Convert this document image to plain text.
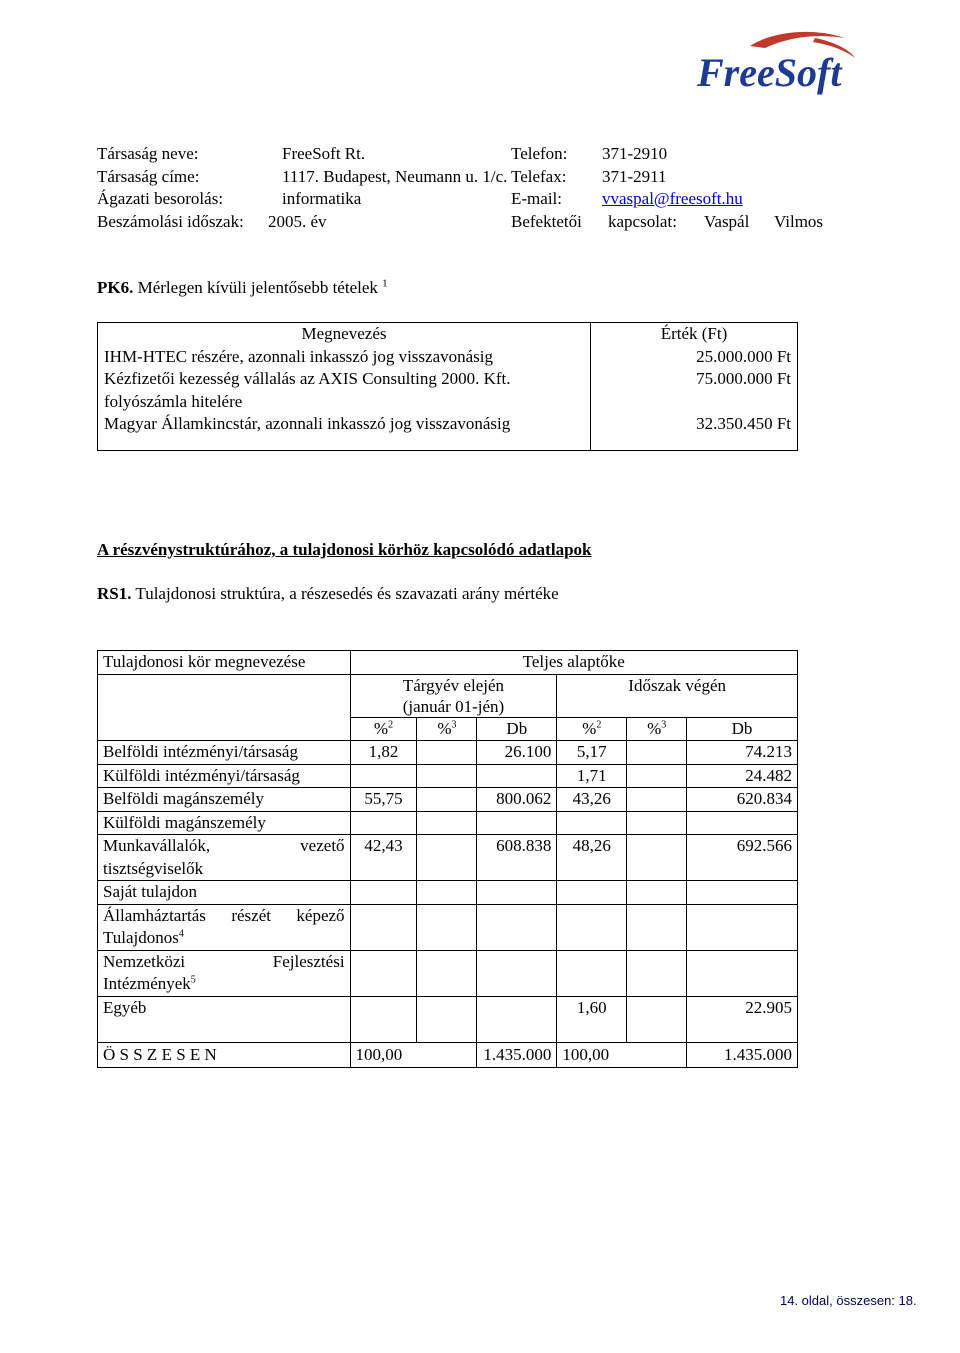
FreeSoft
Társaság neve:	FreeSoft Rt.	Telefon: 371-2910
Társaság címe:	1117. Budapest, Neumann u. 1/c. Telefax: 371-2911
Ágazati besorolás:	informatika	E-mail: vvaspal@freesoft.hu
Beszámolási időszak: 2005. év	Befektetői kapcsolat: Vaspál Vilmos
PK6. Mérlegen kívüli jelentősebb tételek $^1$
Megnevezés	Érték (Ft)
IHM-HTEC részére, azonnali inkasszó jog visszavonásig	25.000.000 Ft
Kézfizetői kezesség vállalás az AXIS Consulting 2000. Kft.	75.000.000 Ft
folyószámla hitelére	
Magyar Államkincstár, azonnali inkasszó jog visszavonásig	32.350.450 Ft
A részvénystruktúrához, a tulajdonosi körhöz kapcsolódó adatlapok
RS1. Tulajdonosi struktúra, a részesedés és szavazati arány mértéke
Tulajdonosi kör megnevezése	Teljes alaptőke					

	Tárgyév elején
(január 01-jén)			Időszak végén		
	%$^2$	%$^3$	Db	%$^2$	%$^3$	Db
Belföldi intézményi/társaság	1,82		26.100	5,17		74.213
Külföldi intézményi/társaság				1,71		24.482
Belföldi magánszemély	55,75		800.062	43,26		620.834
Külföldi magánszemély						

Munkavállalók, vezető
tisztségviselők	42,43		608.838	48,26		692.566
Saját tulajdon						

Államháztartás részét képező
Tulajdonos$^4$

Nemzetközi Fejlesztési
Intézmények$^5$

Egyéb				1,60		22.905
Ö S S Z E S E N	100,00		1.435.000	100,00		1.435.000
14. oldal, összesen: 18.
